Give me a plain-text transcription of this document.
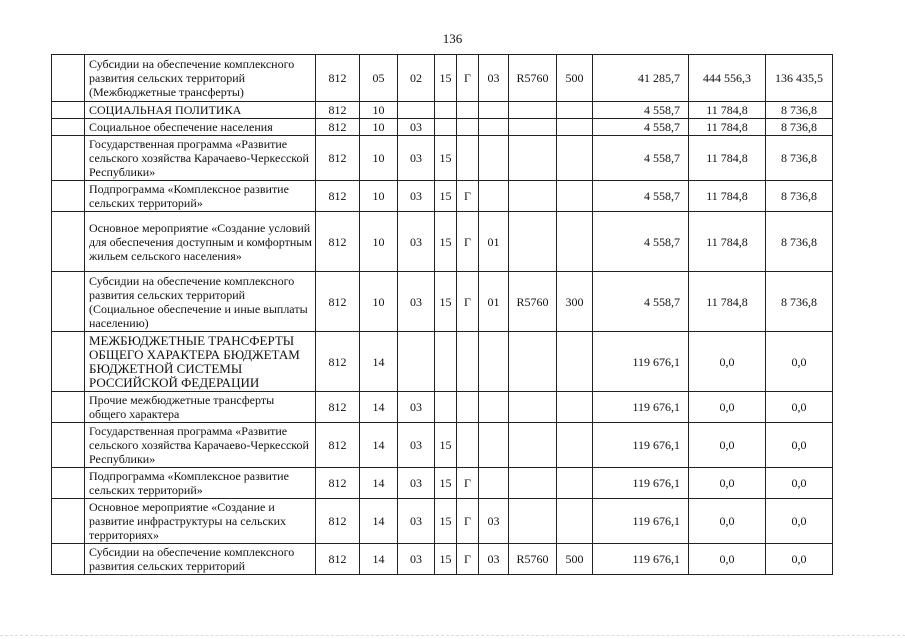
136
	Субсидии на обеспечение комплексного развития сельских территорий (Межбюджетные трансферты)	812	05	02	15	Г	03	R5760	500	41 285,7	444 556,3	136 435,5
	СОЦИАЛЬНАЯ ПОЛИТИКА	812	10							4 558,7	11 784,8	8 736,8
	Социальное обеспечение населения	812	10	03						4 558,7	11 784,8	8 736,8
	Государственная программа «Развитие сельского хозяйства Карачаево-Черкесской Республики»	812	10	03	15					4 558,7	11 784,8	8 736,8
	Подпрограмма «Комплексное развитие сельских территорий»	812	10	03	15	Г				4 558,7	11 784,8	8 736,8
	Основное мероприятие «Создание условий для обеспечения доступным и комфортным жильем сельского населения»	812	10	03	15	Г	01			4 558,7	11 784,8	8 736,8
	Субсидии на обеспечение комплексного развития сельских территорий (Социальное обеспечение и иные выплаты населению)	812	10	03	15	Г	01	R5760	300	4 558,7	11 784,8	8 736,8
	МЕЖБЮДЖЕТНЫЕ ТРАНСФЕРТЫ ОБЩЕГО ХАРАКТЕРА БЮДЖЕТАМ БЮДЖЕТНОЙ СИСТЕМЫ РОССИЙСКОЙ ФЕДЕРАЦИИ	812	14							119 676,1	0,0	0,0
	Прочие межбюджетные трансферты общего характера	812	14	03						119 676,1	0,0	0,0
	Государственная программа «Развитие сельского хозяйства Карачаево-Черкесской Республики»	812	14	03	15					119 676,1	0,0	0,0
	Подпрограмма «Комплексное развитие сельских территорий»	812	14	03	15	Г				119 676,1	0,0	0,0
	Основное мероприятие «Создание и развитие инфраструктуры на сельских территориях»	812	14	03	15	Г	03			119 676,1	0,0	0,0
	Субсидии на обеспечение комплексного развития сельских территорий	812	14	03	15	Г	03	R5760	500	119 676,1	0,0	0,0
